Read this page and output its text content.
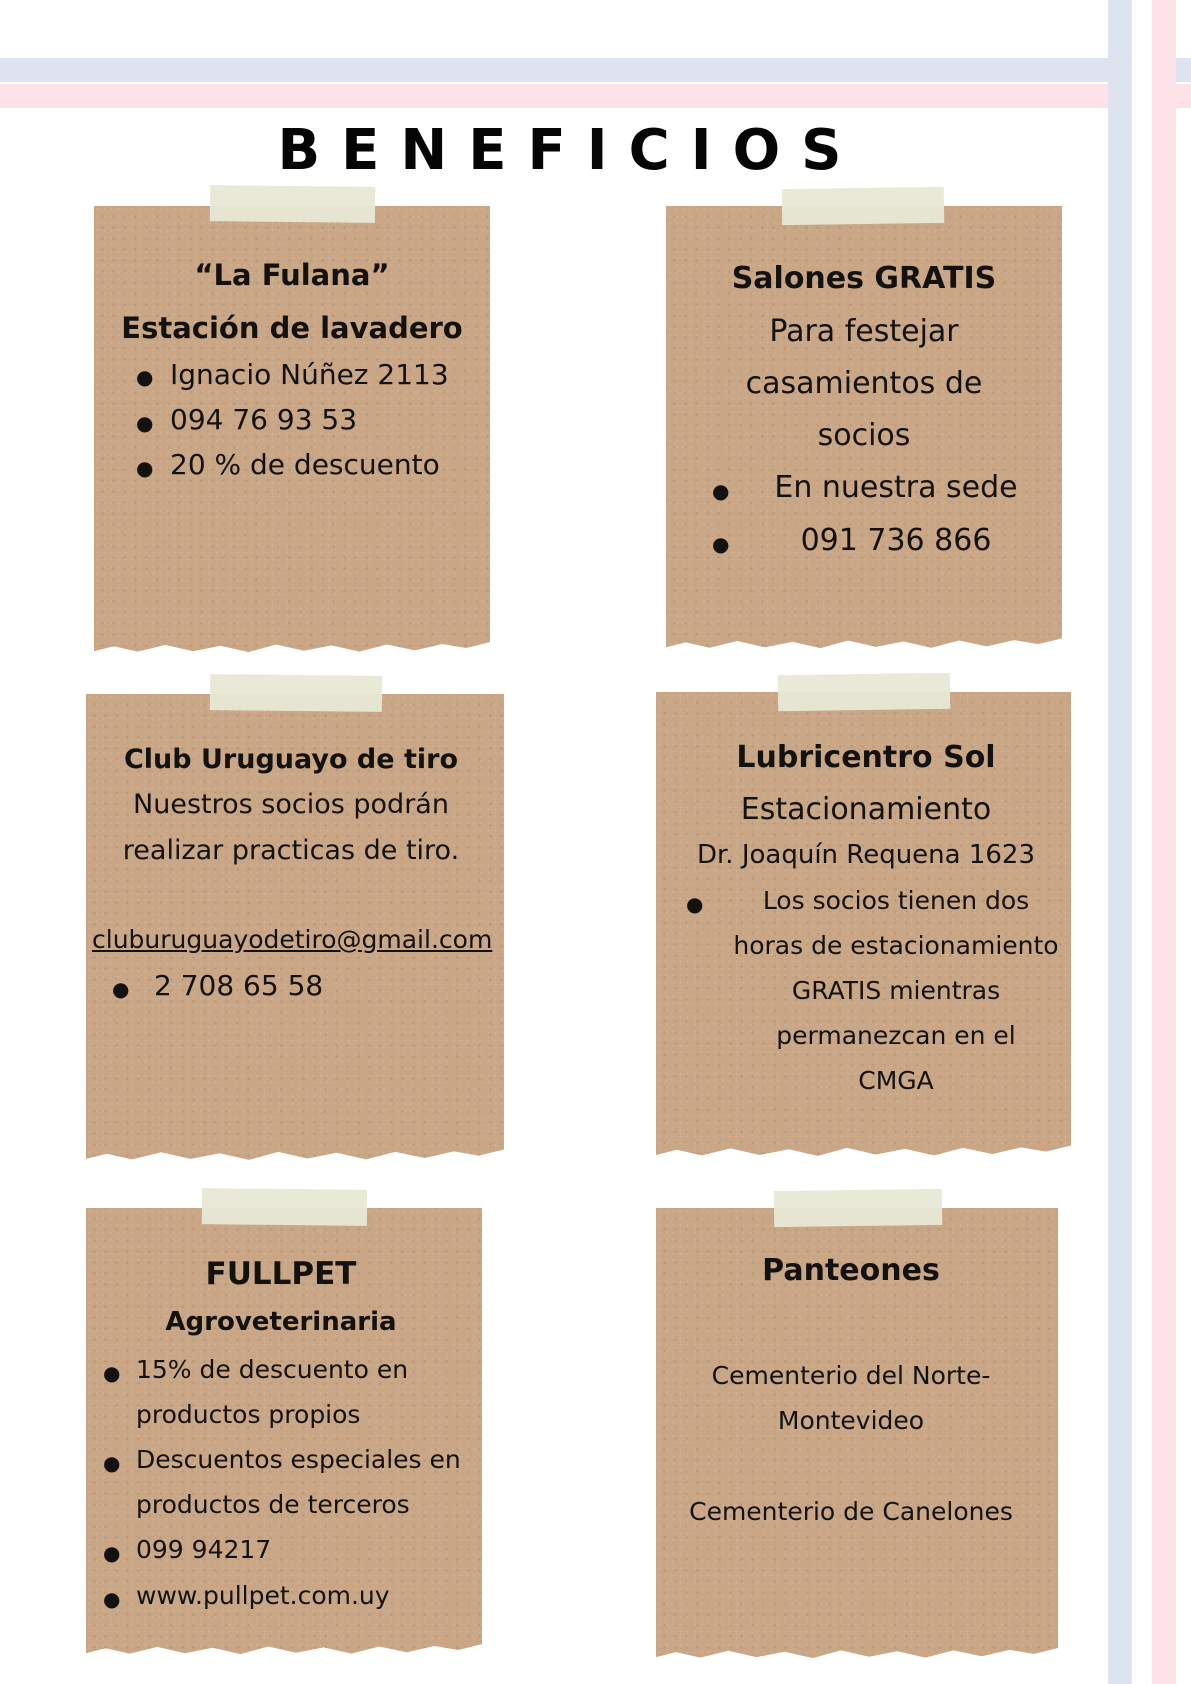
BENEFICIOS
“La Fulana”
Estación de lavadero
● Ignacio Núñez 2113
● 094 76 93 53
● 20 % de descuento
Salones GRATIS
Para festejar
casamientos de
socios
●	En nuestra sede
●	091 736 866
Club Uruguayo de tiro
Nuestros socios podrán
realizar practicas de tiro.
cluburuguayodetiro@gmail.com
● 2 708 65 58
Lubricentro Sol
Estacionamiento
Dr. Joaquín Requena 1623
●	Los socios tienen dos
horas de estacionamiento
GRATIS mientras
permanezcan en el
CMGA
FULLPET
Agroveterinaria
● 15% de descuento en
productos propios
● Descuentos especiales en
productos de terceros
● 099 94217
● www.pullpet.com.uy
Panteones
Cementerio del Norte-
Montevideo
Cementerio de Canelones
